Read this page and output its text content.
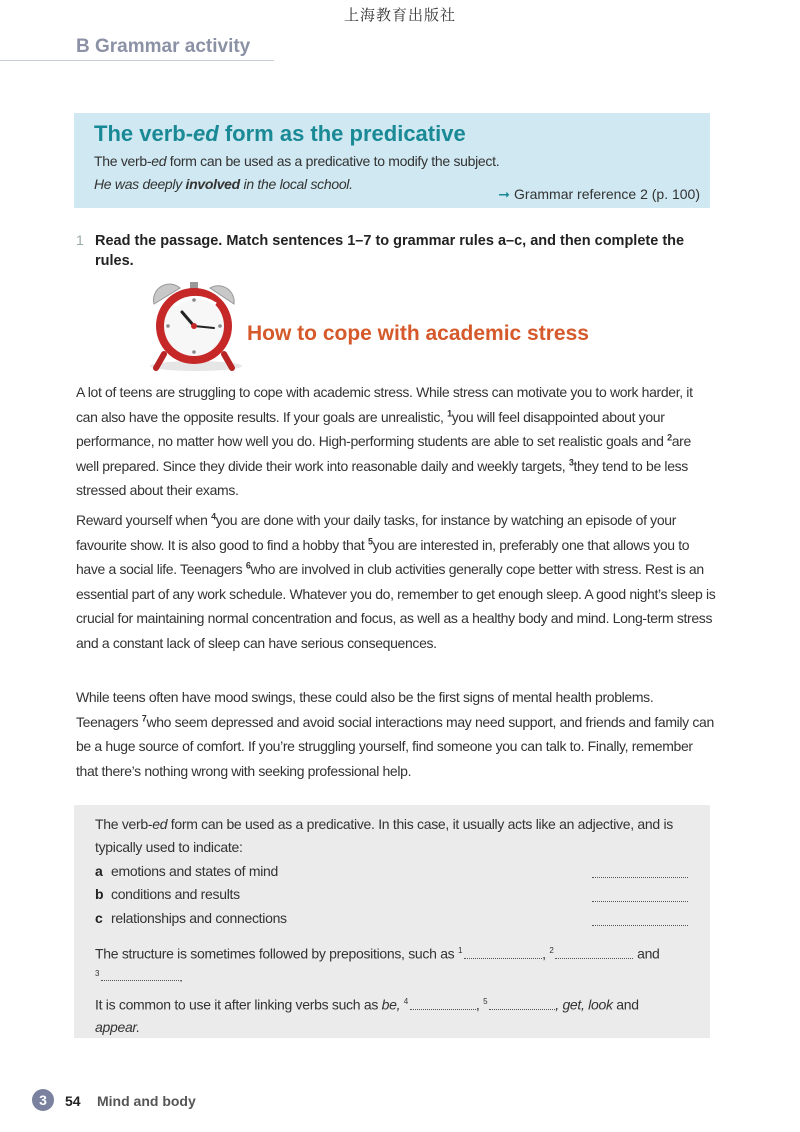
上海教育出版社
B Grammar activity
The verb-ed form as the predicative
The verb-ed form can be used as a predicative to modify the subject.
He was deeply involved in the local school.
➞ Grammar reference 2 (p. 100)
1 Read the passage. Match sentences 1–7 to grammar rules a–c, and then complete the rules.
How to cope with academic stress

A lot of teens are struggling to cope with academic stress. While stress can motivate you to work harder, it can also have the opposite results. If your goals are unrealistic, $^1$you will feel disappointed about your performance, no matter how well you do. High-performing students are able to set realistic goals and $^2$are well prepared. Since they divide their work into reasonable daily and weekly targets, $^3$they tend to be less stressed about their exams.

Reward yourself when $^4$you are done with your daily tasks, for instance by watching an episode of your favourite show. It is also good to find a hobby that $^5$you are interested in, preferably one that allows you to have a social life. Teenagers $^6$who are involved in club activities generally cope better with stress. Rest is an essential part of any work schedule. Whatever you do, remember to get enough sleep. A good night’s sleep is crucial for maintaining normal concentration and focus, as well as a healthy body and mind. Long-term stress and a constant lack of sleep can have serious consequences.

While teens often have mood swings, these could also be the first signs of mental health problems. Teenagers $^7$who seem depressed and avoid social interactions may need support, and friends and family can be a huge source of comfort. If you’re struggling yourself, find someone you can talk to. Finally, remember that there’s nothing wrong with seeking professional help.

The verb-ed form can be used as a predicative. In this case, it usually acts like an adjective, and is typically used to indicate:
a emotions and states of mind
b conditions and results
c relationships and connections
The structure is sometimes followed by prepositions, such as $^1$	, $^2$	and
$^3$	.
It is common to use it after linking verbs such as be, $^4$	, $^5$	, get, look and
appear.
3	54 Mind and body
